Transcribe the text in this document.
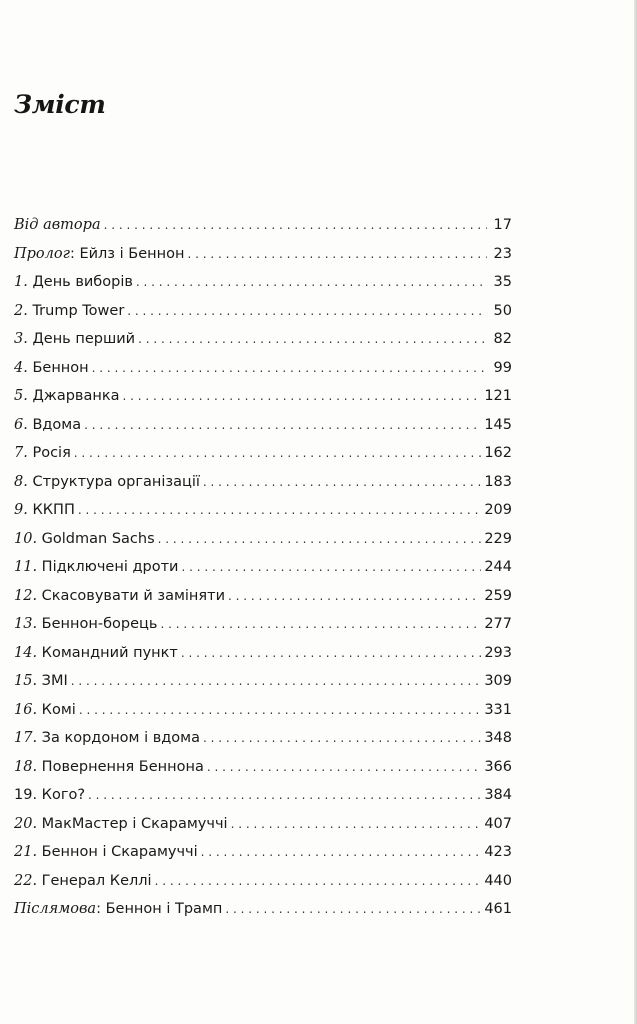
Зміст
Від автора . . .	17
Пролог: Ейлз і Беннон . . .	23
1. День виборів . . .	35
2. Trump Tower . . .	50
3. День перший . . .	82
4. Беннон . . .	99
5. Джарванка . . .	121
6. Вдома . . .	145
7. Росія . . .	162
8. Структура організації . . .	183
9. ККПП . . .	209
10. Goldman Sachs . . .	229
11. Підключені дроти . . .	244
12. Скасовувати й заміняти . . .	259
13. Беннон-борець . . .	277
14. Командний пункт . . .	293
15. ЗМІ . . .	309
16. Комі . . .	331
17. За кордоном і вдома . . .	348
18. Повернення Беннона . . .	366
19. Кого? . . .	384
20. МакМастер і Скарамуччі . . .	407
21. Беннон і Скарамуччі . . .	423
22. Генерал Келлі . . .	440
Післямова: Беннон і Трамп . . .	461
